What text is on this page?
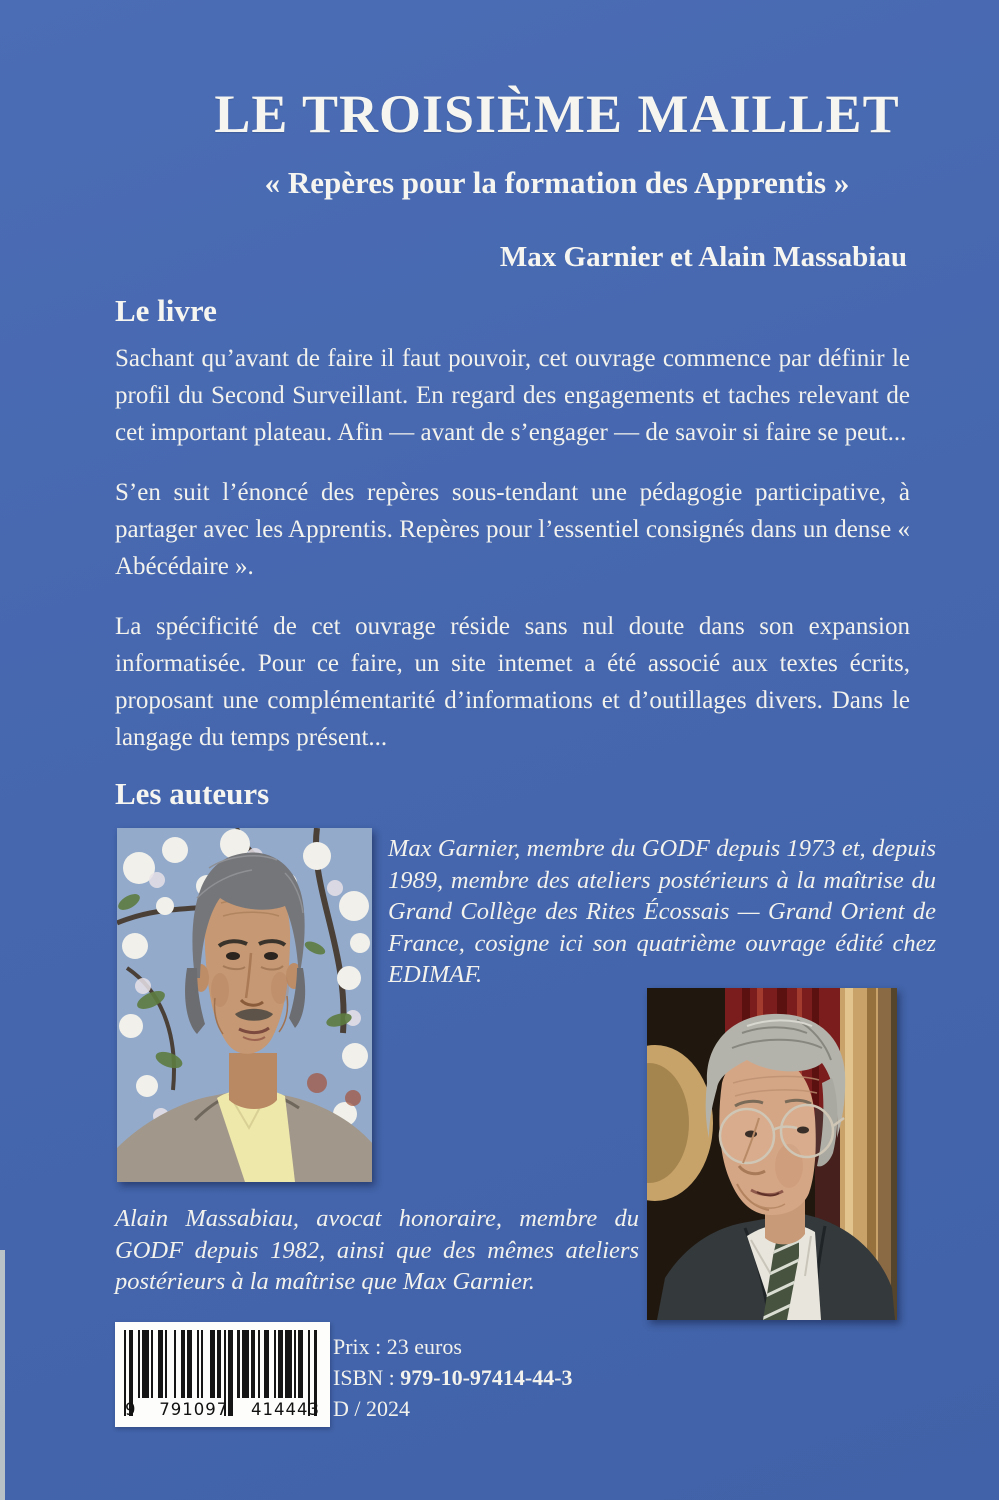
LE TROISIÈME MAILLET
« Repères pour la formation des Apprentis »
Max Garnier et Alain Massabiau
Le livre

Sachant qu’avant de faire il faut pouvoir, cet ouvrage commence par définir le profil du Second Surveillant. En regard des engagements et taches relevant de cet important plateau. Afin — avant de s’engager — de savoir si faire se peut...

S’en suit l’énoncé des repères sous-tendant une pédagogie participative, à partager avec les Apprentis. Repères pour l’essentiel consignés dans un dense « Abécédaire ».

La spécificité de cet ouvrage réside sans nul doute dans son expansion informatisée. Pour ce faire, un site intemet a été associé aux textes écrits, proposant une complémentarité d’informations et d’outillages divers. Dans le langage du temps présent...

Les auteurs
Max Garnier, membre du GODF depuis 1973 et, depuis 1989, membre des ateliers postérieurs à la maîtrise du Grand Collège des Rites Écossais — Grand Orient de France, cosigne ici son quatrième ouvrage édité chez EDIMAF.
Alain Massabiau, avocat honoraire, membre du GODF depuis 1982, ainsi que des mêmes ateliers postérieurs à la maîtrise que Max Garnier.
9 791097 414443
Prix : 23 euros
ISBN : 979-10-97414-44-3
D / 2024
